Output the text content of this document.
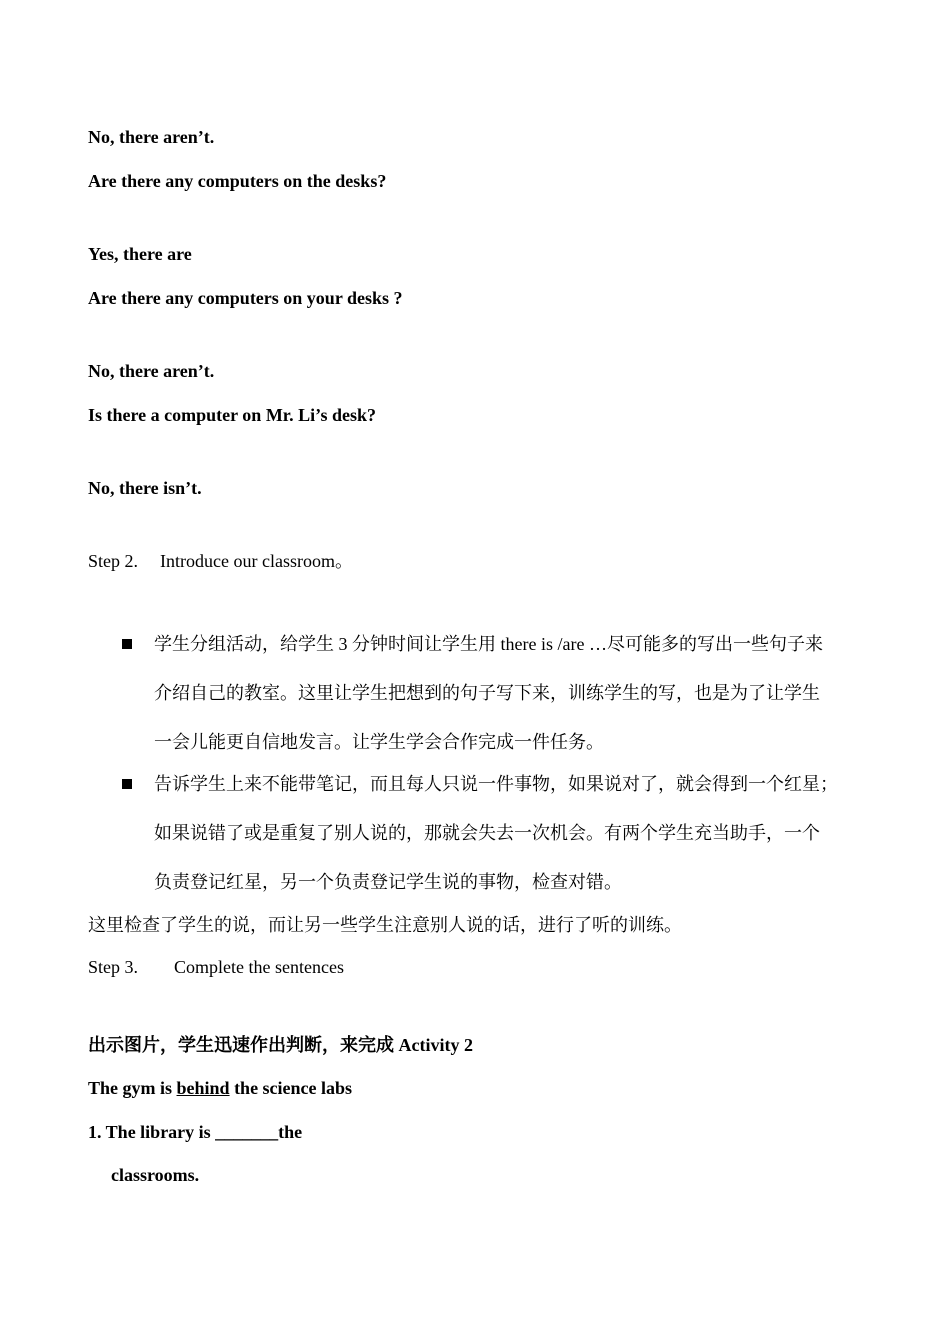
No, there aren’t.
Are there any computers on the desks?
Yes, there are
Are there any computers on your desks ?
No, there aren’t.
Is there a computer on Mr. Li’s desk?
No, there isn’t.
Step 2. Introduce our classroom。
学生分组活动，给学生 3 分钟时间让学生用 there is /are …尽可能多的写出一些句子来
介绍自己的教室。这里让学生把想到的句子写下来，训练学生的写，也是为了让学生
一会儿能更自信地发言。让学生学会合作完成一件任务。
告诉学生上来不能带笔记，而且每人只说一件事物，如果说对了，就会得到一个红星；
如果说错了或是重复了别人说的，那就会失去一次机会。有两个学生充当助手，一个
负责登记红星，另一个负责登记学生说的事物，检查对错。
这里检查了学生的说，而让另一些学生注意别人说的话，进行了听的训练。
Step 3. Complete the sentences
出示图片，学生迅速作出判断，来完成 Activity 2
The gym is behind the science labs
1. The library is _______the
classrooms.
